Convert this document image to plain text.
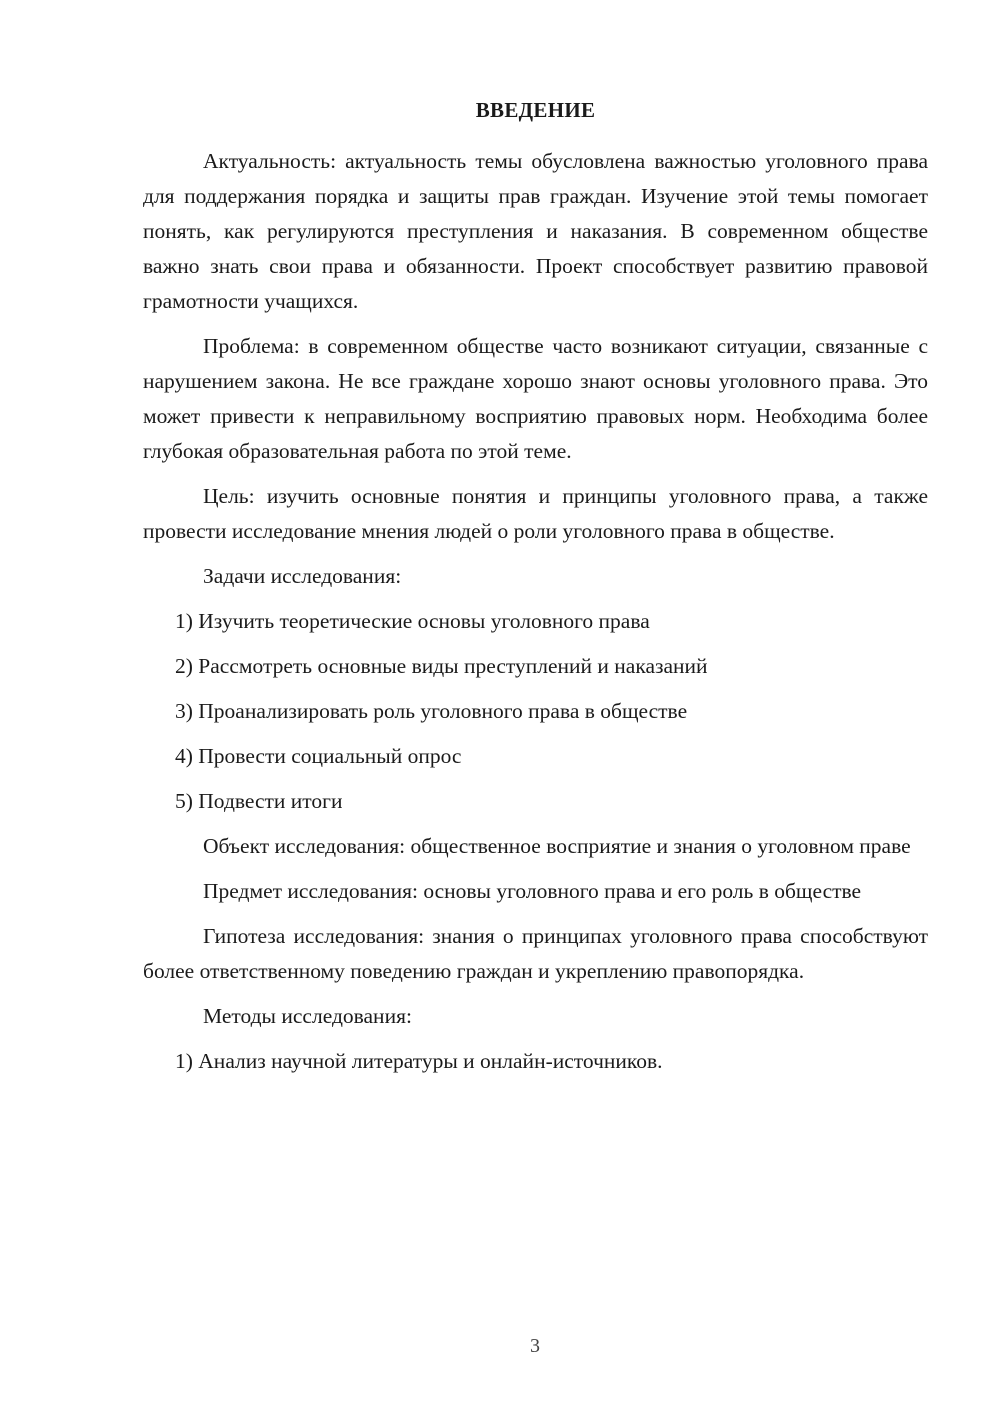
ВВЕДЕНИЕ

Актуальность: актуальность темы обусловлена важностью уголовного права для поддержания порядка и защиты прав граждан. Изучение этой темы помогает понять, как регулируются преступления и наказания. В современном обществе важно знать свои права и обязанности. Проект способствует развитию правовой грамотности учащихся.

Проблема: в современном обществе часто возникают ситуации, связанные с нарушением закона. Не все граждане хорошо знают основы уголовного права. Это может привести к неправильному восприятию правовых норм. Необходима более глубокая образовательная работа по этой теме.

Цель: изучить основные понятия и принципы уголовного права, а также провести исследование мнения людей о роли уголовного права в обществе.

Задачи исследования:

1) Изучить теоретические основы уголовного права

2) Рассмотреть основные виды преступлений и наказаний

3) Проанализировать роль уголовного права в обществе

4) Провести социальный опрос

5) Подвести итоги

Объект исследования: общественное восприятие и знания о уголовном праве

Предмет исследования: основы уголовного права и его роль в обществе

Гипотеза исследования: знания о принципах уголовного права способствуют более ответственному поведению граждан и укреплению правопорядка.

Методы исследования:

1) Анализ научной литературы и онлайн-источников.

3
